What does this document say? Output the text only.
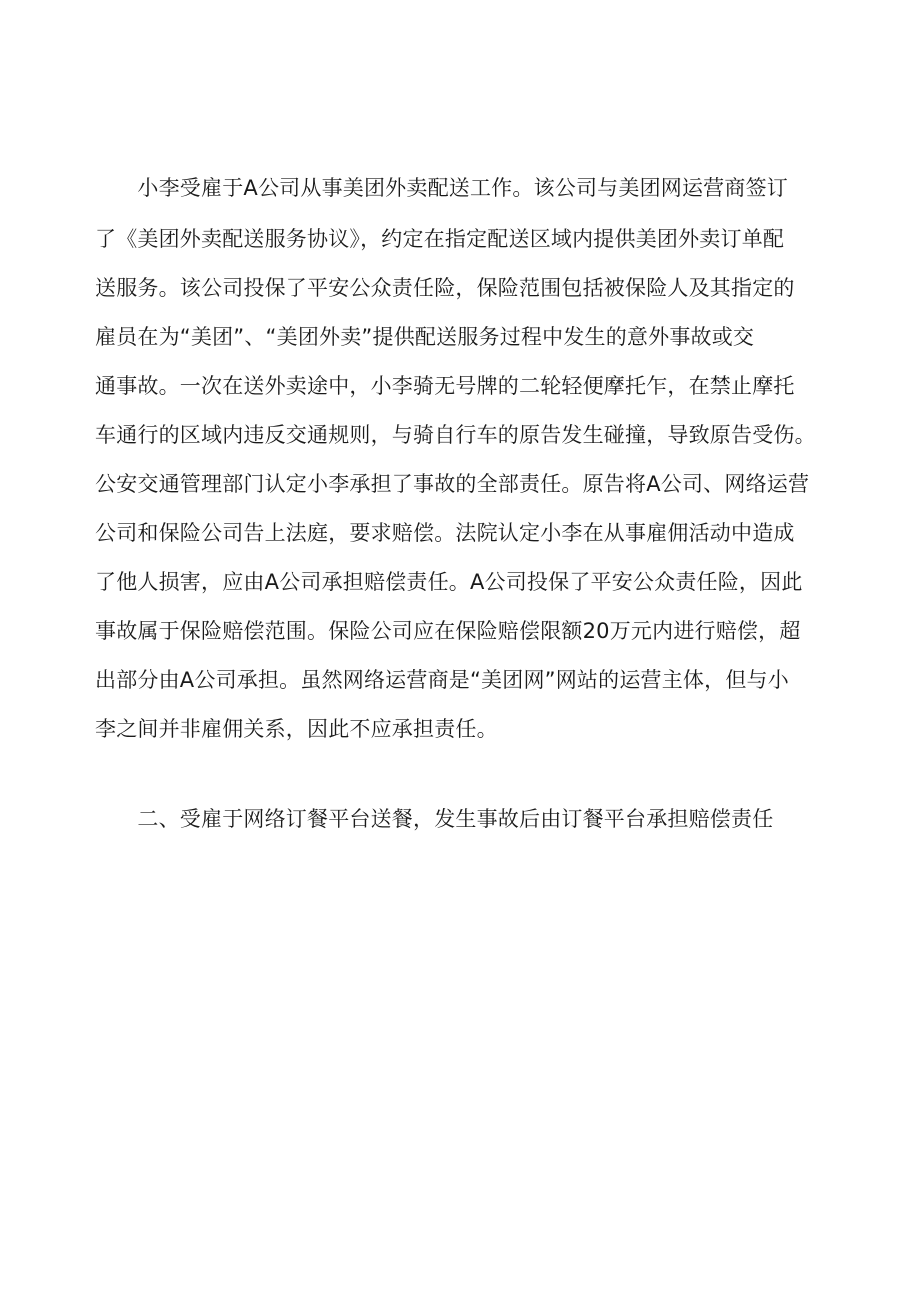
　　小李受雇于A公司从事美团外卖配送工作。该公司与美团网运营商签订

了《美团外卖配送服务协议》，约定在指定配送区域内提供美团外卖订单配

送服务。该公司投保了平安公众责任险，保险范围包括被保险人及其指定的

雇员在为“美团”、“美团外卖”提供配送服务过程中发生的意外事故或交

通事故。一次在送外卖途中，小李骑无号牌的二轮轻便摩托乍，在禁止摩托

车通行的区域内违反交通规则，与骑自行车的原告发生碰撞，导致原告受伤。

公安交通管理部门认定小李承担了事故的全部责任。原告将A公司、网络运营

公司和保险公司告上法庭，要求赔偿。法院认定小李在从事雇佣活动中造成

了他人损害，应由A公司承担赔偿责任。A公司投保了平安公众责任险，因此

事故属于保险赔偿范围。保险公司应在保险赔偿限额20万元内进行赔偿，超

出部分由A公司承担。虽然网络运营商是“美团网”网站的运营主体，但与小

李之间并非雇佣关系，因此不应承担责任。

　　二、受雇于网络订餐平台送餐，发生事故后由订餐平台承担赔偿责任
